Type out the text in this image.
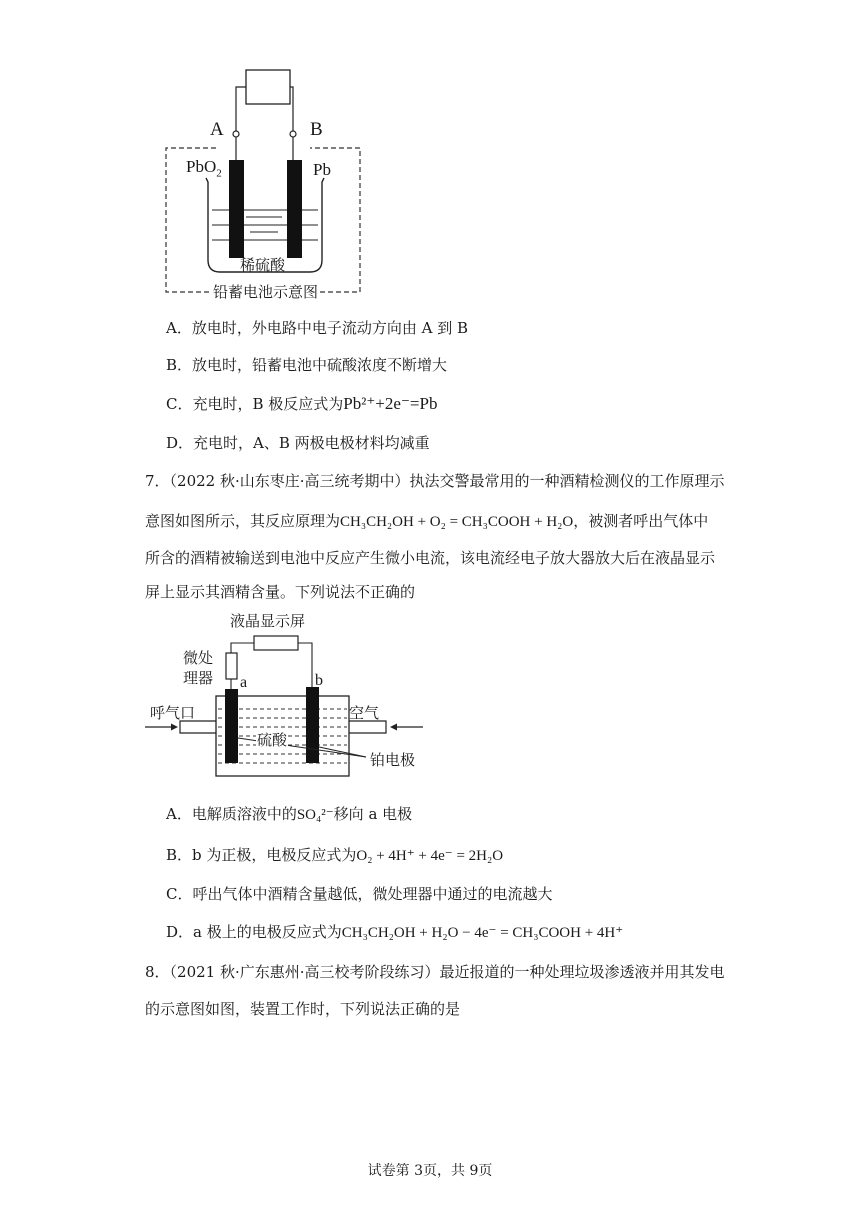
A	B
PbO$_2$	Pb
稀硫酸
铅蓄电池示意图
A．放电时，外电路中电子流动方向由 A 到 B
B．放电时，铅蓄电池中硫酸浓度不断增大
C．充电时，B 极反应式为Pb²⁺+2e⁻=Pb
D．充电时，A、B 两极电极材料均减重
7．（2022 秋·山东枣庄·高三统考期中）执法交警最常用的一种酒精检测仪的工作原理示
意图如图所示，其反应原理为CH₃CH₂OH + O₂ = CH₃COOH + H₂O，被测者呼出气体中
所含的酒精被输送到电池中反应产生微小电流，该电流经电子放大器放大后在液晶显示
屏上显示其酒精含量。下列说法不正确的
液晶显示屏
微处
理器 a	b
呼气口	空气
硫酸
铂电极
A．电解质溶液中的SO₄²⁻移向 a 电极
B．b 为正极，电极反应式为O₂ + 4H⁺ + 4e⁻ = 2H₂O
C．呼出气体中酒精含量越低，微处理器中通过的电流越大
D．a 极上的电极反应式为CH₃CH₂OH + H₂O − 4e⁻ = CH₃COOH + 4H⁺
8．（2021 秋·广东惠州·高三校考阶段练习）最近报道的一种处理垃圾渗透液并用其发电
的示意图如图，装置工作时，下列说法正确的是
试卷第 3页，共 9页
